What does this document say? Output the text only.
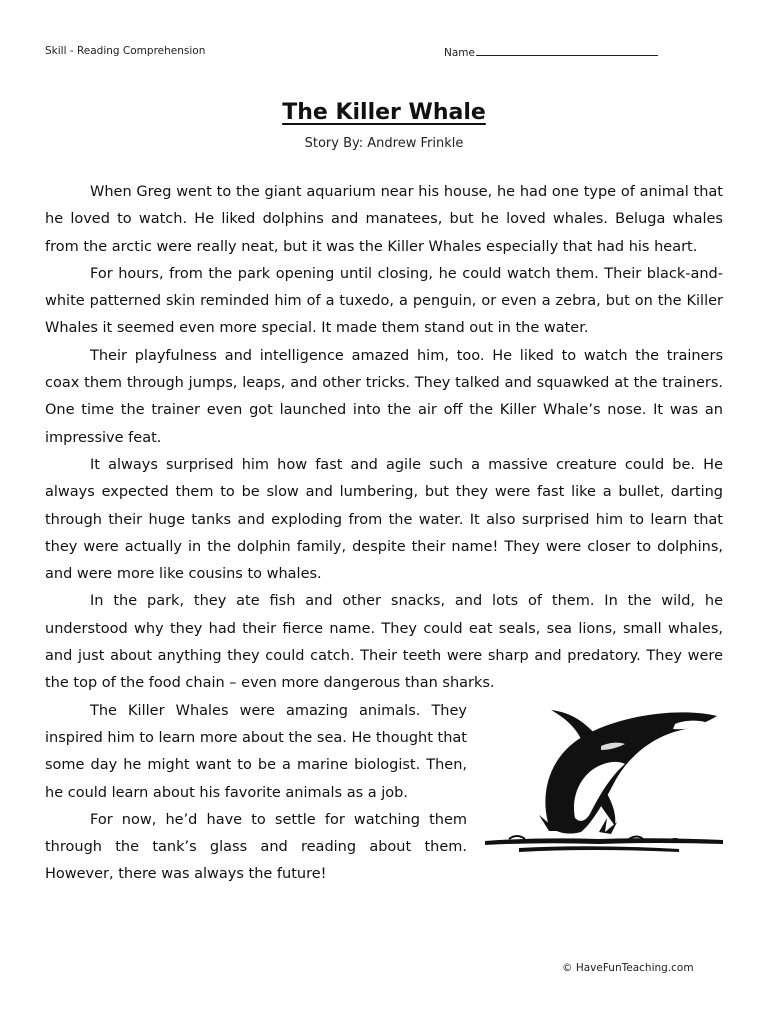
Skill - Reading Comprehension	Name
The Killer Whale
Story By: Andrew Frinkle

When Greg went to the giant aquarium near his house, he had one type of animal that he loved to watch. He liked dolphins and manatees, but he loved whales. Beluga whales from the arctic were really neat, but it was the Killer Whales especially that had his heart.

For hours, from the park opening until closing, he could watch them. Their black-and-white patterned skin reminded him of a tuxedo, a penguin, or even a zebra, but on the Killer Whales it seemed even more special. It made them stand out in the water.

Their playfulness and intelligence amazed him, too. He liked to watch the trainers coax them through jumps, leaps, and other tricks. They talked and squawked at the trainers. One time the trainer even got launched into the air off the Killer Whale’s nose. It was an impressive feat.

It always surprised him how fast and agile such a massive creature could be. He always expected them to be slow and lumbering, but they were fast like a bullet, darting through their huge tanks and exploding from the water. It also surprised him to learn that they were actually in the dolphin family, despite their name! They were closer to dolphins, and were more like cousins to whales.

In the park, they ate fish and other snacks, and lots of them. In the wild, he understood why they had their fierce name. They could eat seals, sea lions, small whales, and just about anything they could catch. Their teeth were sharp and predatory. They were the top of the food chain – even more dangerous than sharks.

The Killer Whales were amazing animals. They inspired him to learn more about the sea. He thought that some day he might want to be a marine biologist. Then, he could learn about his favorite animals as a job.

For now, he’d have to settle for watching them through the tank’s glass and reading about them. However, there was always the future!

© HaveFunTeaching.com
